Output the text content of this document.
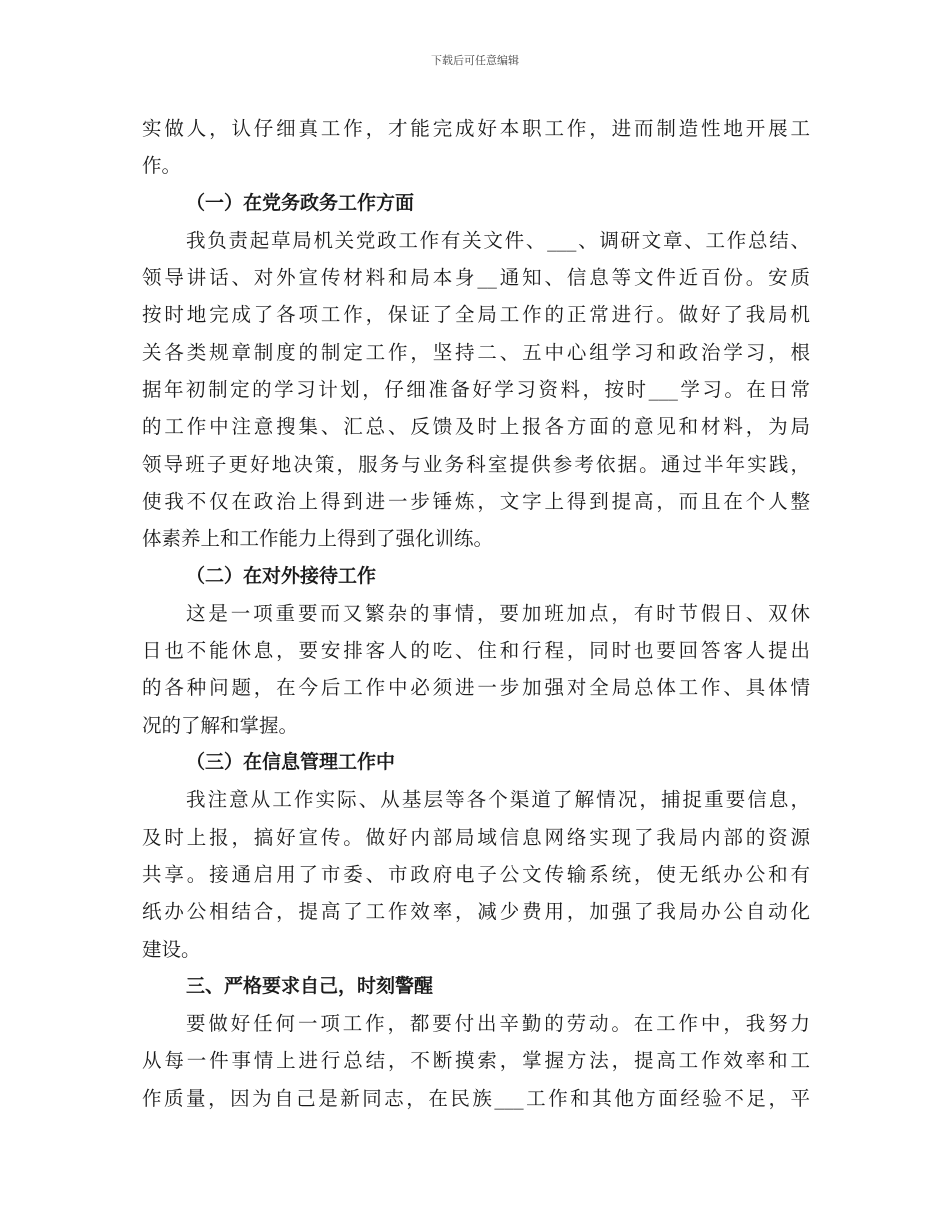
下载后可任意编辑
实做人，认仔细真工作，才能完成好本职工作，进而制造性地开展工
作。
（一）在党务政务工作方面
我负责起草局机关党政工作有关文件、___、调研文章、工作总结、
领导讲话、对外宣传材料和局本身__通知、信息等文件近百份。安质
按时地完成了各项工作，保证了全局工作的正常进行。做好了我局机
关各类规章制度的制定工作，坚持二、五中心组学习和政治学习，根
据年初制定的学习计划，仔细准备好学习资料，按时___学习。在日常
的工作中注意搜集、汇总、反馈及时上报各方面的意见和材料，为局
领导班子更好地决策，服务与业务科室提供参考依据。通过半年实践，
使我不仅在政治上得到进一步锤炼，文字上得到提高，而且在个人整
体素养上和工作能力上得到了强化训练。
（二）在对外接待工作
这是一项重要而又繁杂的事情，要加班加点，有时节假日、双休
日也不能休息，要安排客人的吃、住和行程，同时也要回答客人提出
的各种问题，在今后工作中必须进一步加强对全局总体工作、具体情
况的了解和掌握。
（三）在信息管理工作中
我注意从工作实际、从基层等各个渠道了解情况，捕捉重要信息，
及时上报，搞好宣传。做好内部局域信息网络实现了我局内部的资源
共享。接通启用了市委、市政府电子公文传输系统，使无纸办公和有
纸办公相结合，提高了工作效率，减少费用，加强了我局办公自动化
建设。
三、严格要求自己，时刻警醒
要做好任何一项工作，都要付出辛勤的劳动。在工作中，我努力
从每一件事情上进行总结，不断摸索，掌握方法，提高工作效率和工
作质量，因为自己是新同志，在民族___工作和其他方面经验不足，平
